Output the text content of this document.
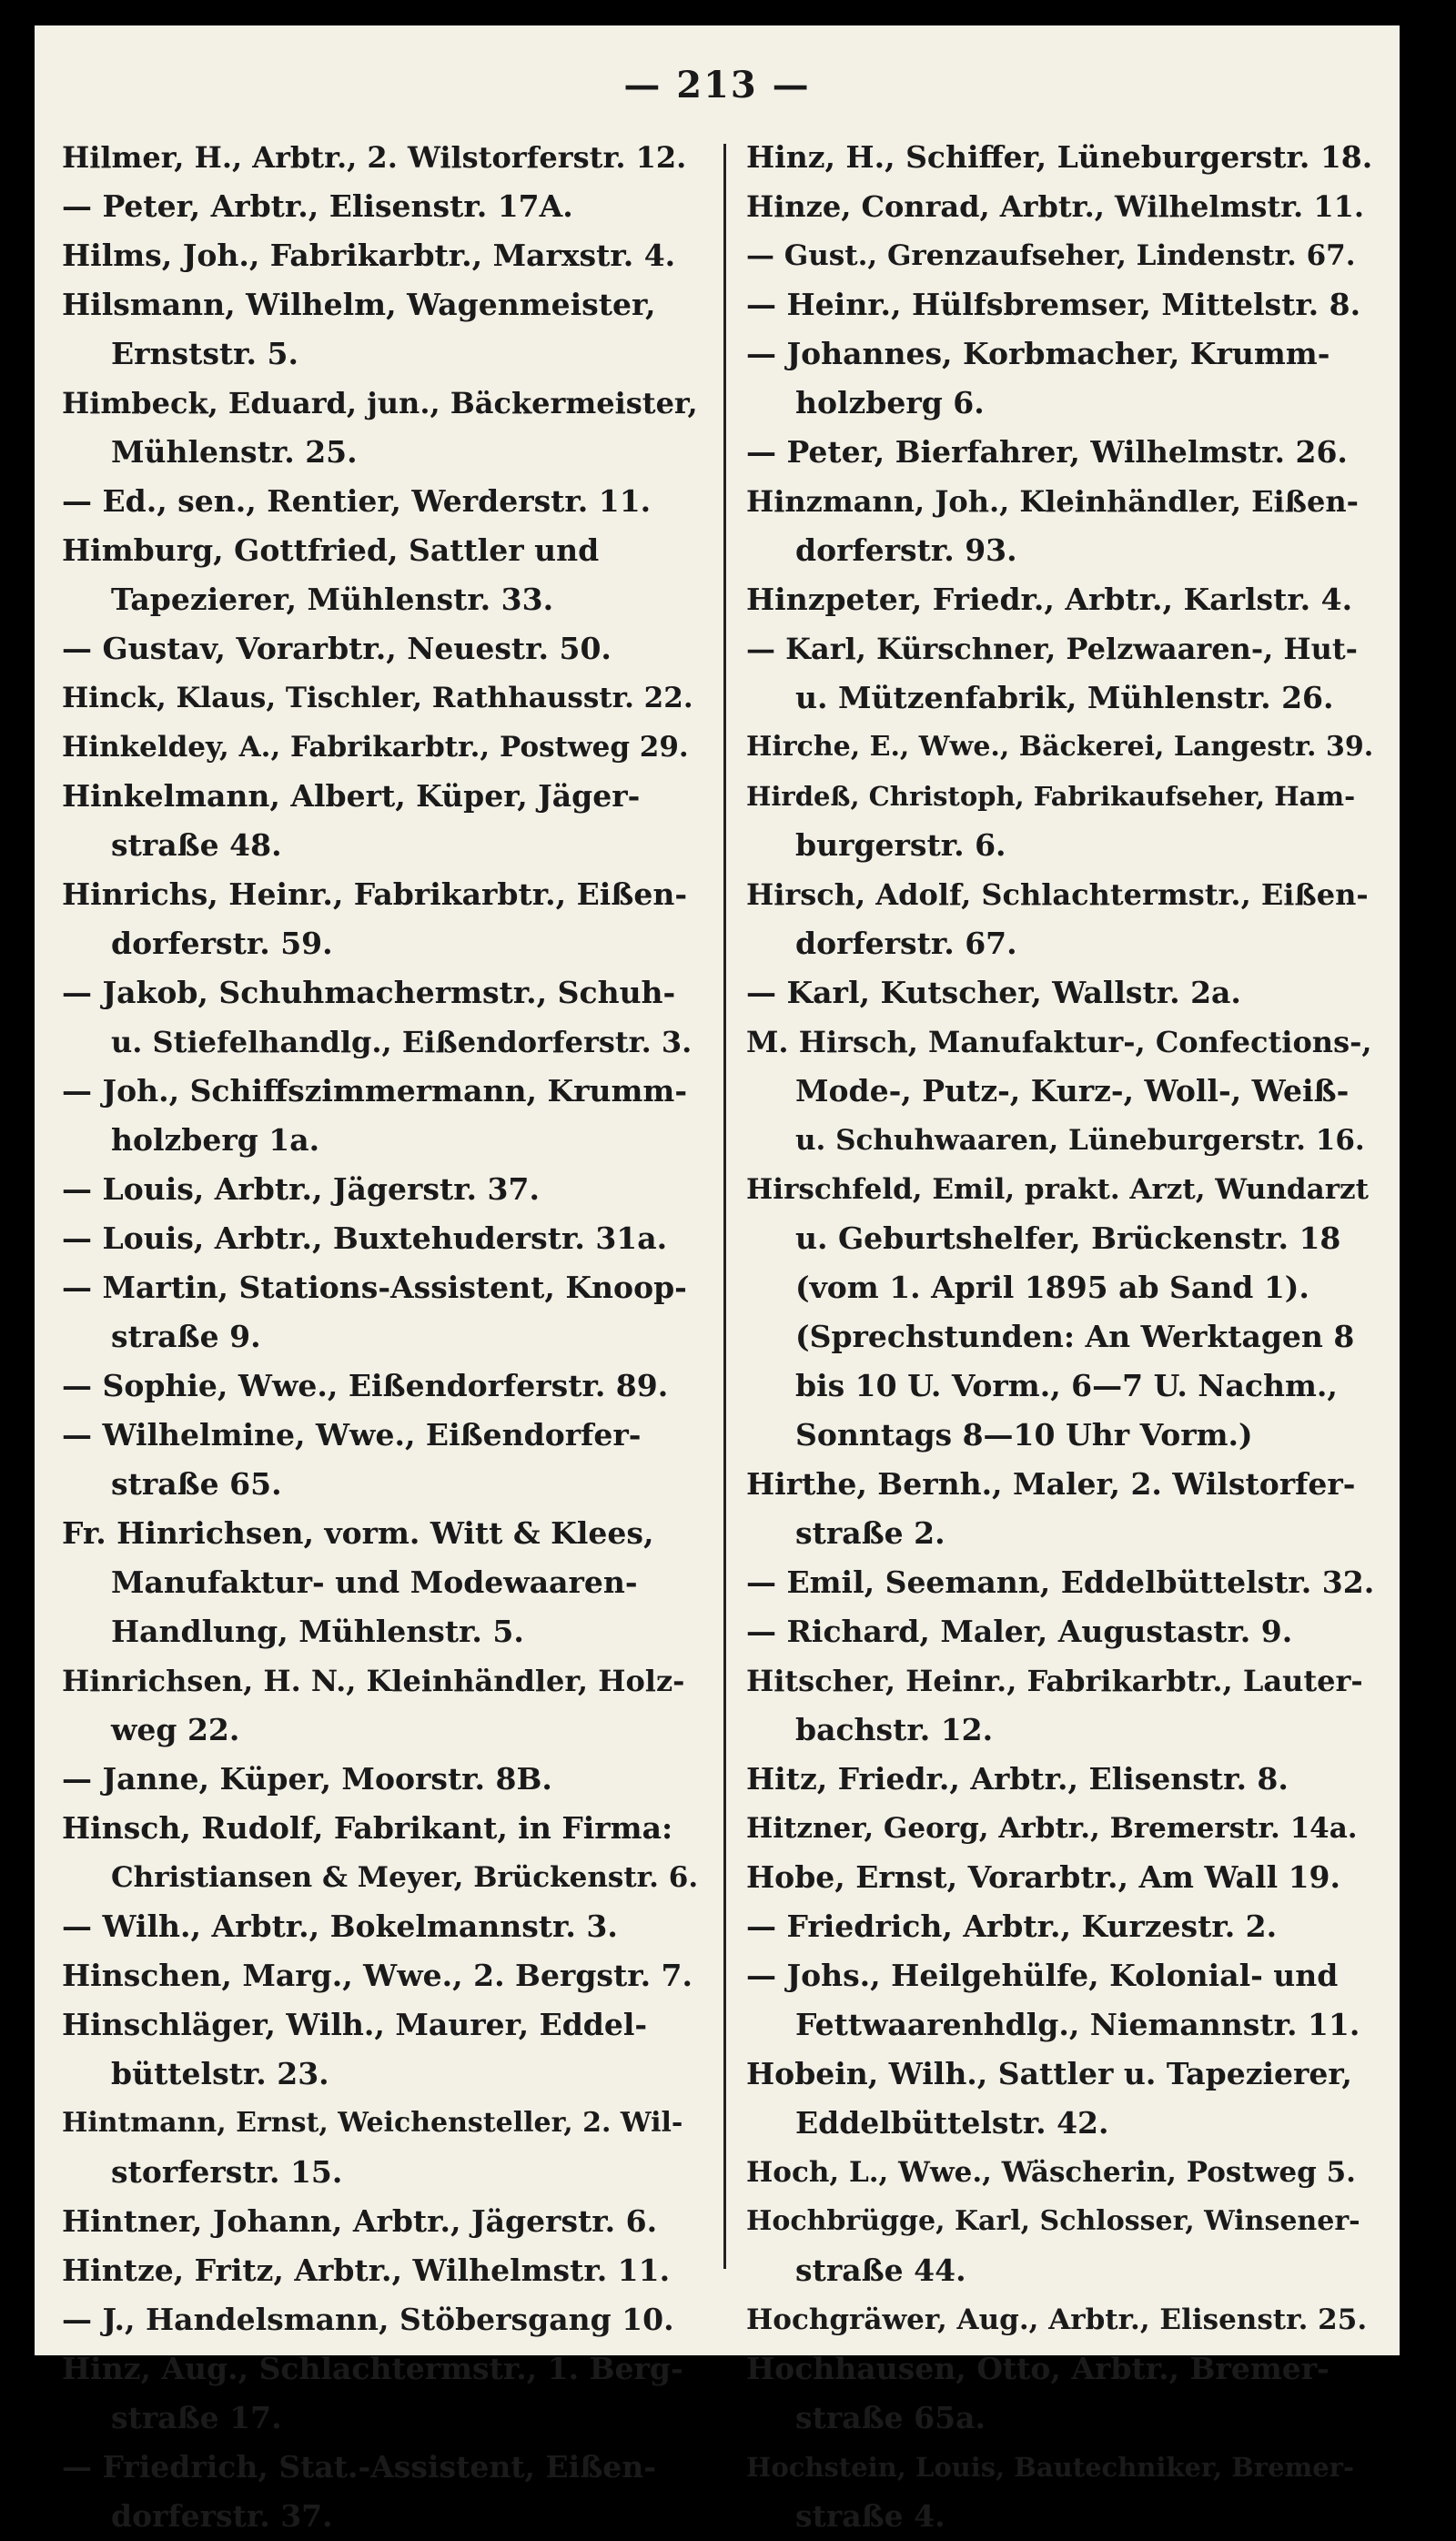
— 213 —
Hilmer, H., Arbtr., 2. Wilstorferstr. 12.
— Peter, Arbtr., Elisenstr. 17A.
Hilms, Joh., Fabrikarbtr., Marxstr. 4.
Hilsmann, Wilhelm, Wagenmeister,
Ernststr. 5.
Himbeck, Eduard, jun., Bäckermeister,
Mühlenstr. 25.
— Ed., sen., Rentier, Werderstr. 11.
Himburg, Gottfried, Sattler und
Tapezierer, Mühlenstr. 33.
— Gustav, Vorarbtr., Neuestr. 50.
Hinck, Klaus, Tischler, Rathhausstr. 22.
Hinkeldey, A., Fabrikarbtr., Postweg 29.
Hinkelmann, Albert, Küper, Jäger-
straße 48.
Hinrichs, Heinr., Fabrikarbtr., Eißen-
dorferstr. 59.
— Jakob, Schuhmachermstr., Schuh-
u. Stiefelhandlg., Eißendorferstr. 3.
— Joh., Schiffszimmermann, Krumm-
holzberg 1a.
— Louis, Arbtr., Jägerstr. 37.
— Louis, Arbtr., Buxtehuderstr. 31a.
— Martin, Stations-Assistent, Knoop-
straße 9.
— Sophie, Wwe., Eißendorferstr. 89.
— Wilhelmine, Wwe., Eißendorfer-
straße 65.
Fr. Hinrichsen, vorm. Witt & Klees,
Manufaktur- und Modewaaren-
Handlung, Mühlenstr. 5.
Hinrichsen, H. N., Kleinhändler, Holz-
weg 22.
— Janne, Küper, Moorstr. 8B.
Hinsch, Rudolf, Fabrikant, in Firma:
Christiansen & Meyer, Brückenstr. 6.
— Wilh., Arbtr., Bokelmannstr. 3.
Hinschen, Marg., Wwe., 2. Bergstr. 7.
Hinschläger, Wilh., Maurer, Eddel-
büttelstr. 23.
Hintmann, Ernst, Weichensteller, 2. Wil-
storferstr. 15.
Hintner, Johann, Arbtr., Jägerstr. 6.
Hintze, Fritz, Arbtr., Wilhelmstr. 11.
— J., Handelsmann, Stöbersgang 10.
Hinz, Aug., Schlachtermstr., 1. Berg-
straße 17.
— Friedrich, Stat.-Assistent, Eißen-
dorferstr. 37.
Hinz, H., Schiffer, Lüneburgerstr. 18.
Hinze, Conrad, Arbtr., Wilhelmstr. 11.
— Gust., Grenzaufseher, Lindenstr. 67.
— Heinr., Hülfsbremser, Mittelstr. 8.
— Johannes, Korbmacher, Krumm-
holzberg 6.
— Peter, Bierfahrer, Wilhelmstr. 26.
Hinzmann, Joh., Kleinhändler, Eißen-
dorferstr. 93.
Hinzpeter, Friedr., Arbtr., Karlstr. 4.
— Karl, Kürschner, Pelzwaaren-, Hut-
u. Mützenfabrik, Mühlenstr. 26.
Hirche, E., Wwe., Bäckerei, Langestr. 39.
Hirdeß, Christoph, Fabrikaufseher, Ham-
burgerstr. 6.
Hirsch, Adolf, Schlachtermstr., Eißen-
dorferstr. 67.
— Karl, Kutscher, Wallstr. 2a.
M. Hirsch, Manufaktur-, Confections-,
Mode-, Putz-, Kurz-, Woll-, Weiß-
u. Schuhwaaren, Lüneburgerstr. 16.
Hirschfeld, Emil, prakt. Arzt, Wundarzt
u. Geburtshelfer, Brückenstr. 18
(vom 1. April 1895 ab Sand 1).
(Sprechstunden: An Werktagen 8
bis 10 U. Vorm., 6—7 U. Nachm.,
Sonntags 8—10 Uhr Vorm.)
Hirthe, Bernh., Maler, 2. Wilstorfer-
straße 2.
— Emil, Seemann, Eddelbüttelstr. 32.
— Richard, Maler, Augustastr. 9.
Hitscher, Heinr., Fabrikarbtr., Lauter-
bachstr. 12.
Hitz, Friedr., Arbtr., Elisenstr. 8.
Hitzner, Georg, Arbtr., Bremerstr. 14a.
Hobe, Ernst, Vorarbtr., Am Wall 19.
— Friedrich, Arbtr., Kurzestr. 2.
— Johs., Heilgehülfe, Kolonial- und
Fettwaarenhdlg., Niemannstr. 11.
Hobein, Wilh., Sattler u. Tapezierer,
Eddelbüttelstr. 42.
Hoch, L., Wwe., Wäscherin, Postweg 5.
Hochbrügge, Karl, Schlosser, Winsener-
straße 44.
Hochgräwer, Aug., Arbtr., Elisenstr. 25.
Hochhausen, Otto, Arbtr., Bremer-
straße 65a.
Hochstein, Louis, Bautechniker, Bremer-
straße 4.
